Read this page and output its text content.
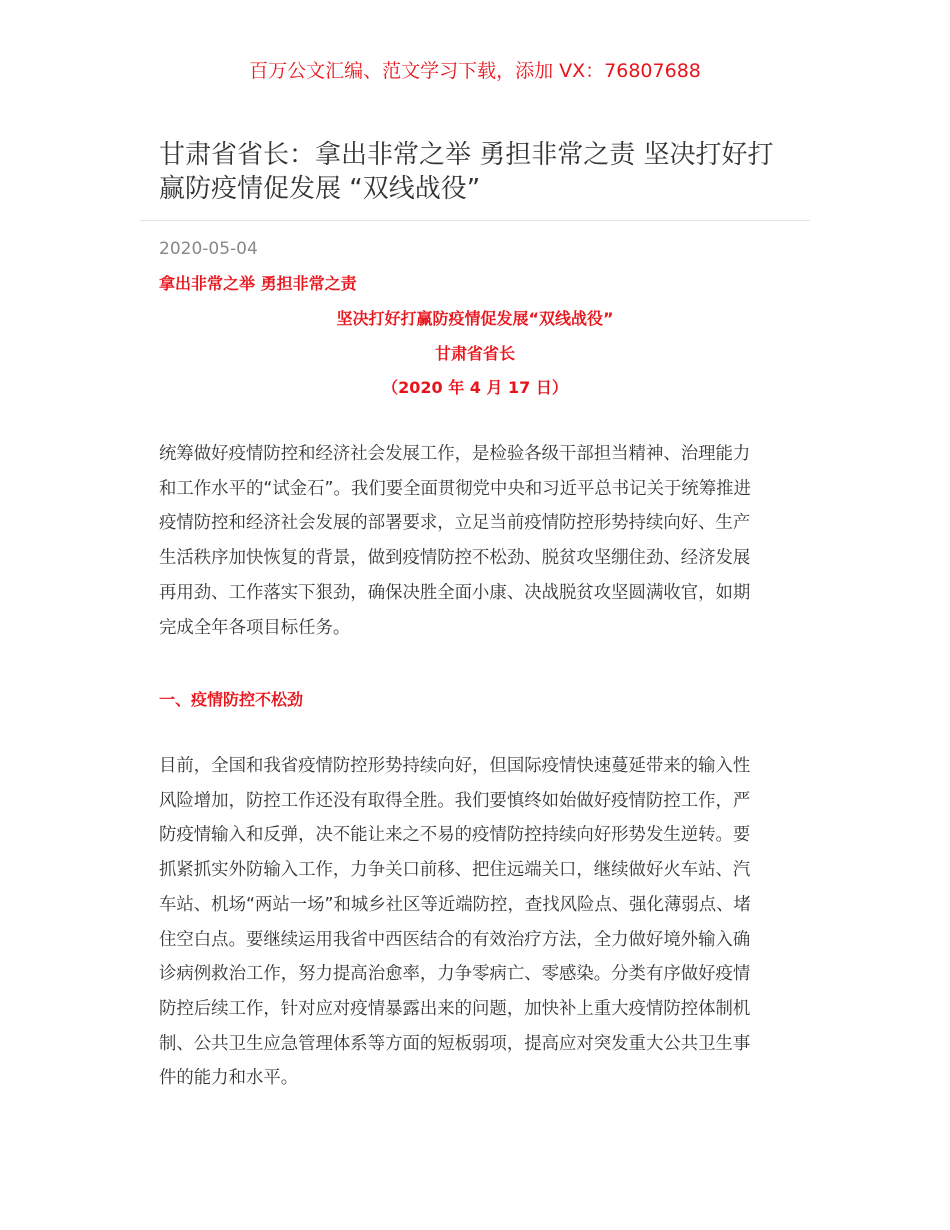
百万公文汇编、范文学习下载，添加 VX：76807688
甘肃省省长：拿出非常之举 勇担非常之责 坚决打好打
赢防疫情促发展 “双线战役”
2020-05-04
拿出非常之举 勇担非常之责
坚决打好打赢防疫情促发展“双线战役”
甘肃省省长
（2020 年 4 月 17 日）
统筹做好疫情防控和经济社会发展工作，是检验各级干部担当精神、治理能力
和工作水平的“试金石”。我们要全面贯彻党中央和习近平总书记关于统筹推进
疫情防控和经济社会发展的部署要求，立足当前疫情防控形势持续向好、生产
生活秩序加快恢复的背景，做到疫情防控不松劲、脱贫攻坚绷住劲、经济发展
再用劲、工作落实下狠劲，确保决胜全面小康、决战脱贫攻坚圆满收官，如期
完成全年各项目标任务。
一、疫情防控不松劲
目前，全国和我省疫情防控形势持续向好，但国际疫情快速蔓延带来的输入性
风险增加，防控工作还没有取得全胜。我们要慎终如始做好疫情防控工作，严
防疫情输入和反弹，决不能让来之不易的疫情防控持续向好形势发生逆转。要
抓紧抓实外防输入工作，力争关口前移、把住远端关口，继续做好火车站、汽
车站、机场“两站一场”和城乡社区等近端防控，查找风险点、强化薄弱点、堵
住空白点。要继续运用我省中西医结合的有效治疗方法，全力做好境外输入确
诊病例救治工作，努力提高治愈率，力争零病亡、零感染。分类有序做好疫情
防控后续工作，针对应对疫情暴露出来的问题，加快补上重大疫情防控体制机
制、公共卫生应急管理体系等方面的短板弱项，提高应对突发重大公共卫生事
件的能力和水平。
